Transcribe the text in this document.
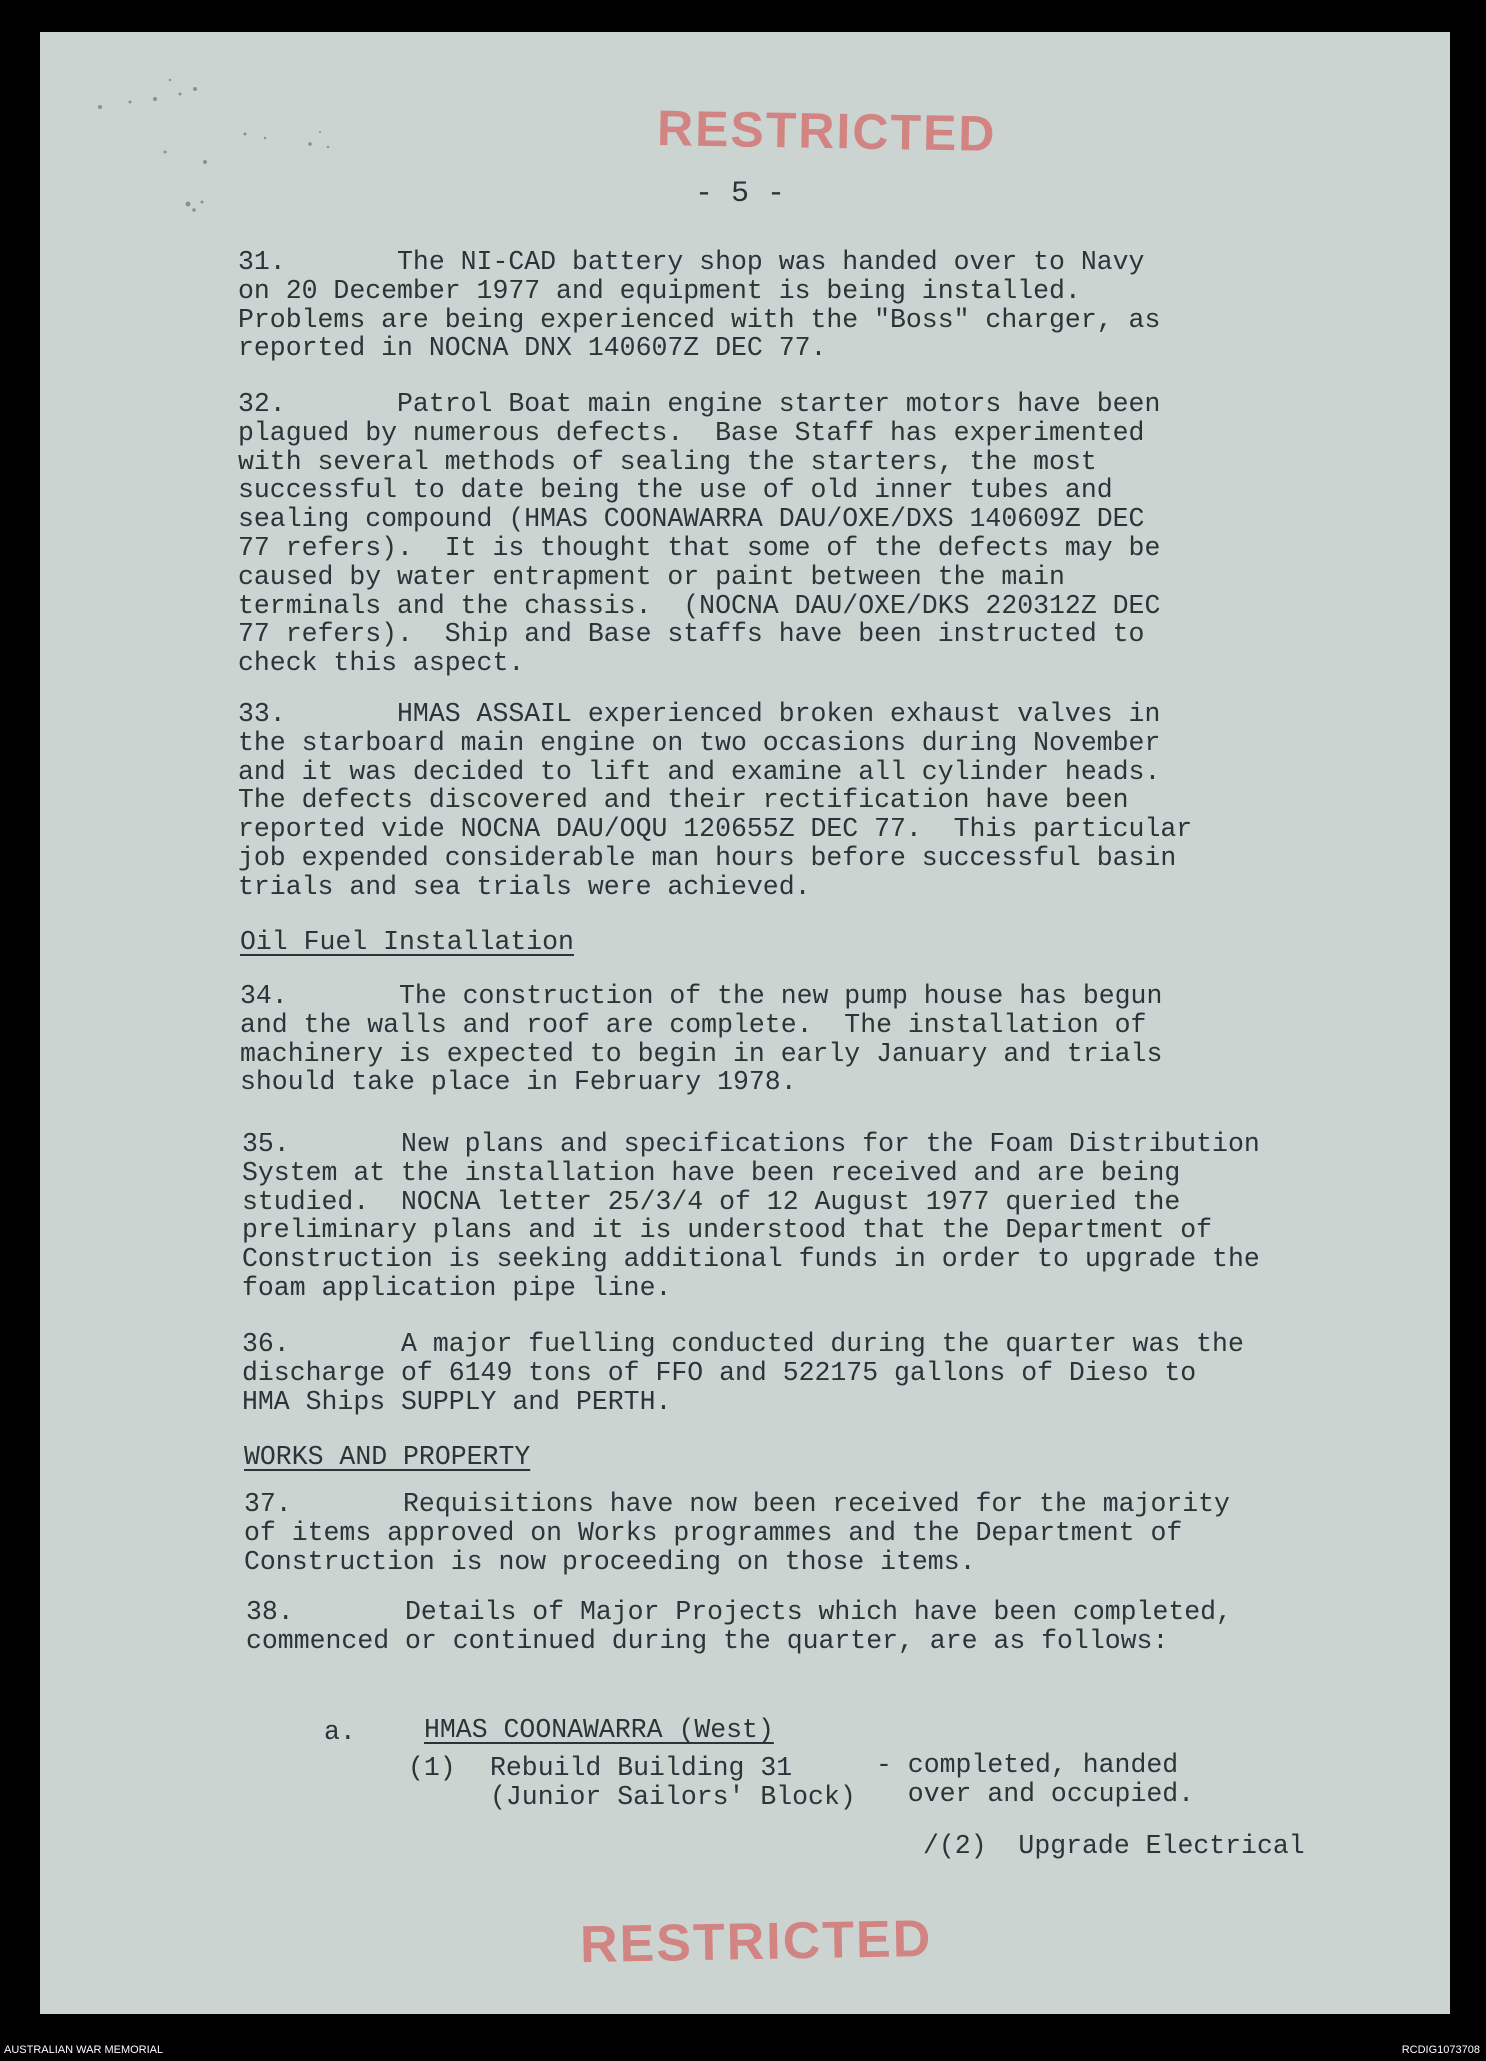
RESTRICTED
- 5 -
31.       The NI-CAD battery shop was handed over to Navy
on 20 December 1977 and equipment is being installed.
Problems are being experienced with the "Boss" charger, as
reported in NOCNA DNX 140607Z DEC 77.
32.       Patrol Boat main engine starter motors have been
plagued by numerous defects.  Base Staff has experimented
with several methods of sealing the starters, the most
successful to date being the use of old inner tubes and
sealing compound (HMAS COONAWARRA DAU/OXE/DXS 140609Z DEC
77 refers).  It is thought that some of the defects may be
caused by water entrapment or paint between the main
terminals and the chassis.  (NOCNA DAU/OXE/DKS 220312Z DEC
77 refers).  Ship and Base staffs have been instructed to
check this aspect.
33.       HMAS ASSAIL experienced broken exhaust valves in
the starboard main engine on two occasions during November
and it was decided to lift and examine all cylinder heads.
The defects discovered and their rectification have been
reported vide NOCNA DAU/OQU 120655Z DEC 77.  This particular
job expended considerable man hours before successful basin
trials and sea trials were achieved.
Oil Fuel Installation
34.       The construction of the new pump house has begun
and the walls and roof are complete.  The installation of
machinery is expected to begin in early January and trials
should take place in February 1978.
35.       New plans and specifications for the Foam Distribution
System at the installation have been received and are being
studied.  NOCNA letter 25/3/4 of 12 August 1977 queried the
preliminary plans and it is understood that the Department of
Construction is seeking additional funds in order to upgrade the
foam application pipe line.
36.       A major fuelling conducted during the quarter was the
discharge of 6149 tons of FFO and 522175 gallons of Dieso to
HMA Ships SUPPLY and PERTH.
WORKS AND PROPERTY
37.       Requisitions have now been received for the majority
of items approved on Works programmes and the Department of
Construction is now proceeding on those items.
38.       Details of Major Projects which have been completed,
commenced or continued during the quarter, are as follows:
a.	HMAS COONAWARRA (West)
(1) Rebuild Building 31
(Junior Sailors' Block)
- completed, handed
over and occupied.
/(2)  Upgrade Electrical
RESTRICTED
AUSTRALIAN WAR MEMORIAL	RCDIG1073708
